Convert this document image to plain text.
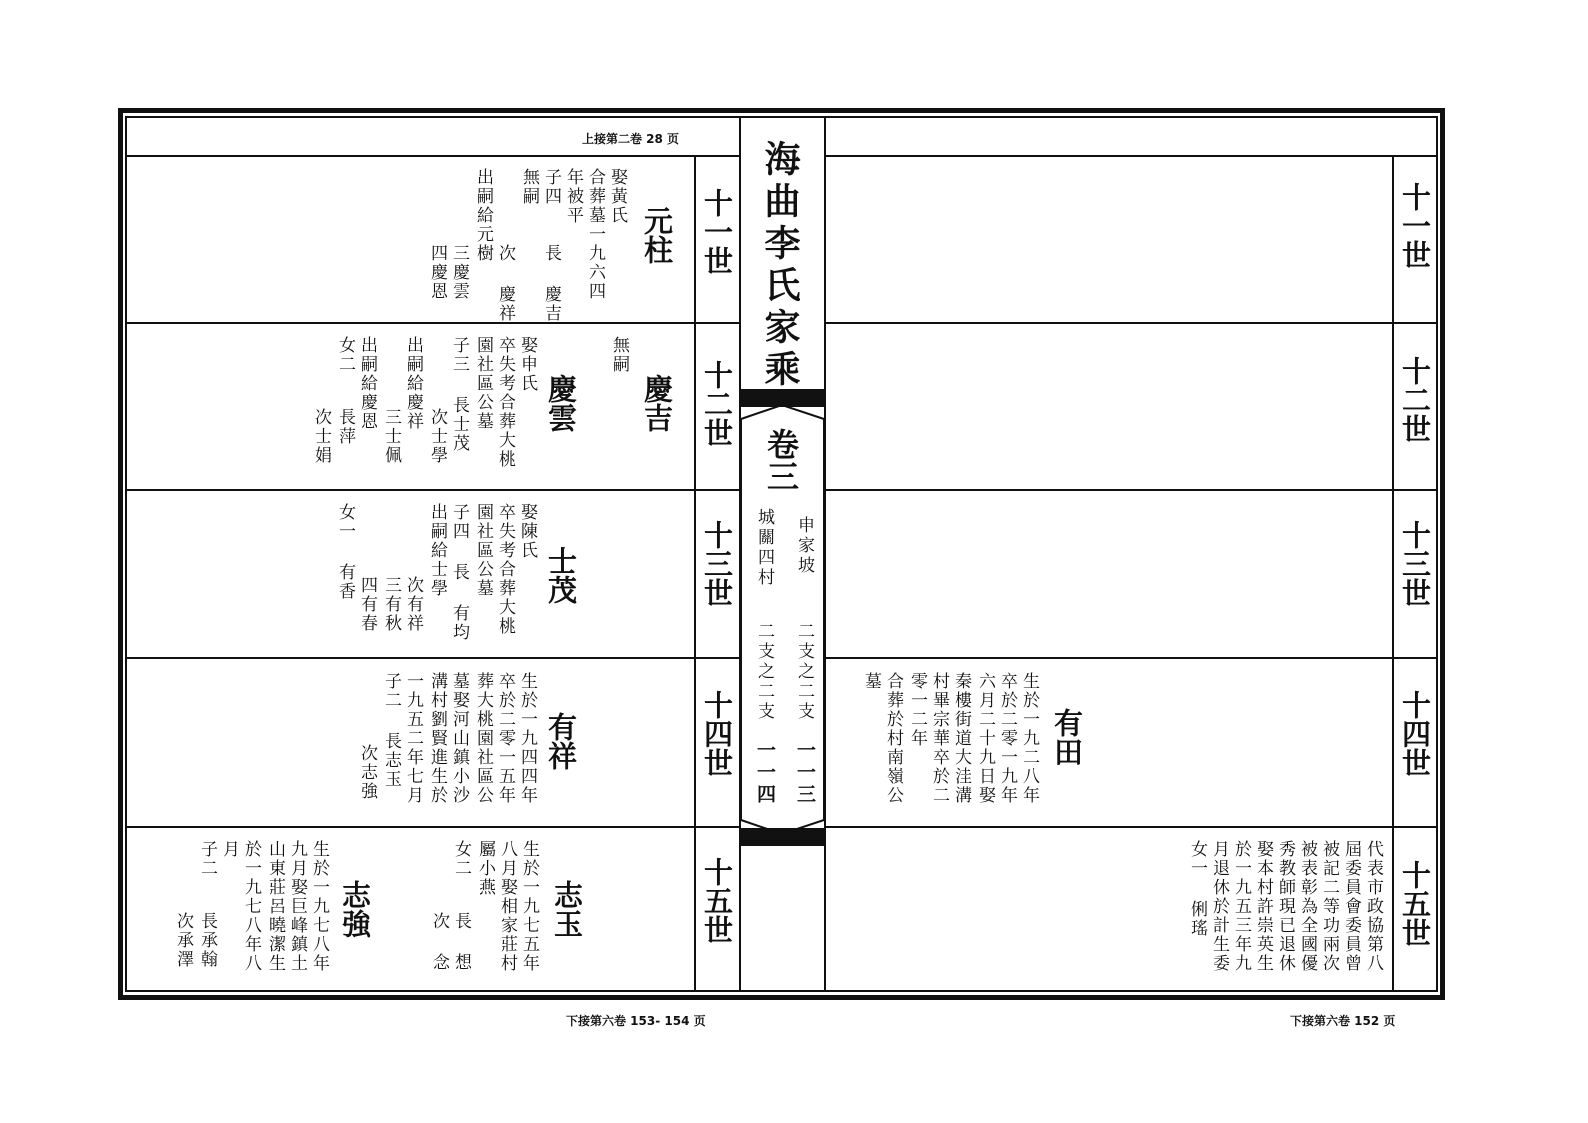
上接第二卷 28 页
下接第六卷 153- 154 页	下接第六卷 152 页
海曲李氏家乘
卷三
申家坡
城關四村
二支之二支
二支之二支
一一三
一一四
十一世
十二世
十三世
十四世
十五世
十一世
十二世
十三世
十四世
十五世
元柱
娶黃氏
合葬墓一九六四
年被平
子四
無嗣
長 慶吉
次 慶祥
出嗣給元樹
三慶雲
四慶恩
慶吉
無嗣
慶雲
娶申氏
卒失考合葬大桃
園社區公墓
子三 長士茂
次士學
出嗣給慶祥
三士佩
出嗣給慶恩
長萍
女二
次士娟
士茂
娶陳氏
卒失考合葬大桃
園社區公墓
子四 長 有均
出嗣給士學
次有祥
三有秋
四有春
女一 有香
有祥
生於一九四四年
卒於二零一五年
葬大桃園社區公
墓娶河山鎮小沙
溝村劉賢進生於
一九五二年七月
子二 長志玉
次志強
志玉
生於一九七五年
八月娶相家莊村
屬小燕
女二
長 想
次 念
志強
生於一九七八年
九月娶巨峰鎮土
山東莊呂曉潔生
於一九七八年八
月
子二
長承翰
次承澤
有田
生於一九二八年
卒於二零一九年
六月二十九日娶
秦樓街道大洼溝
村畢宗華卒於二
零一二年
合葬於村南嶺公
墓
代表市政協第八
屆委員會委員曾
被記二等功兩次
被表彰為全國優
秀教師現已退休
娶本村許崇英生
於一九五三年九
月退休於計生委
女一 俐瑤
